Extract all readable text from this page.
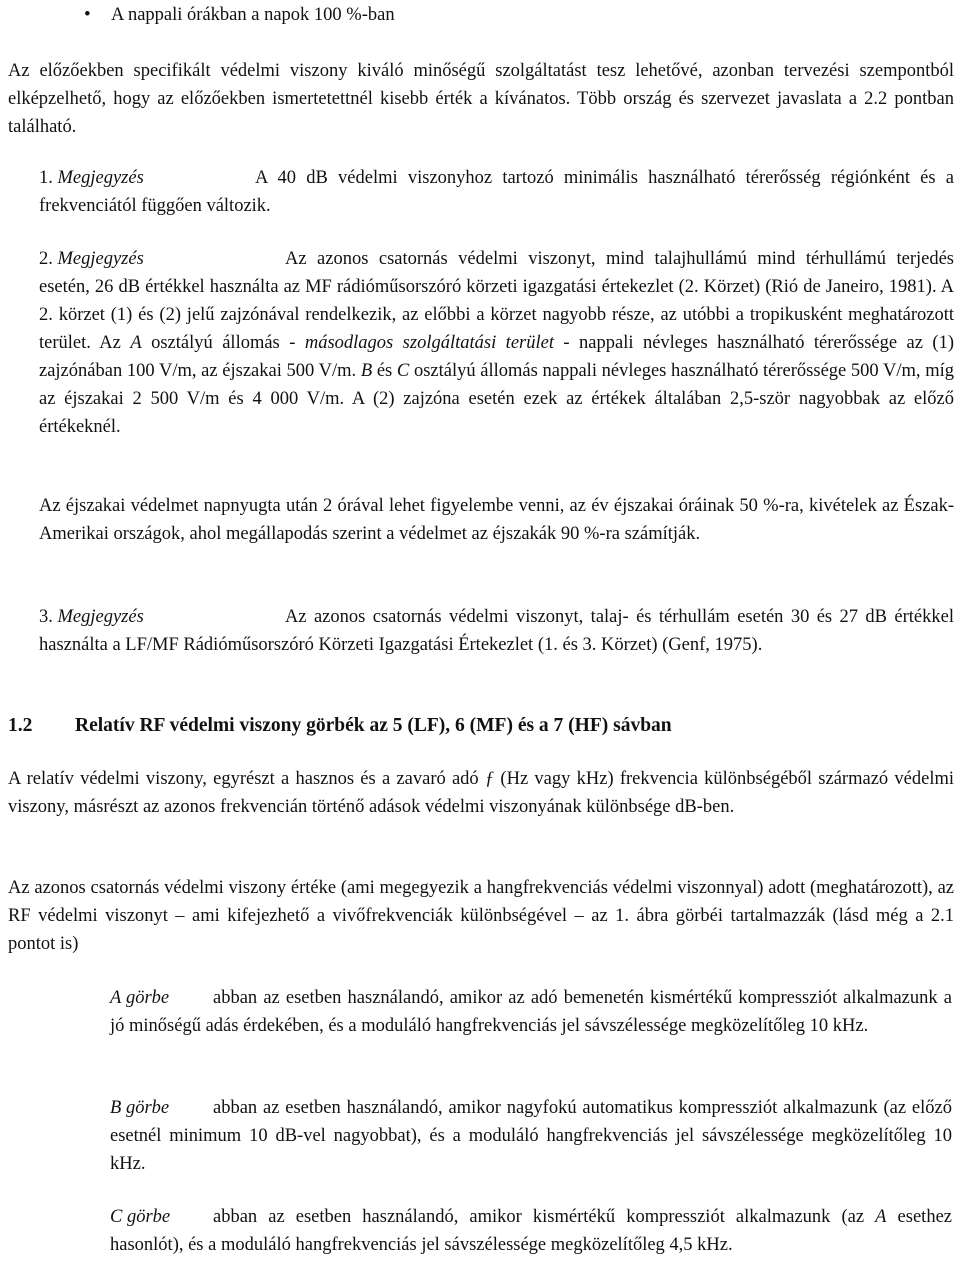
• A nappali órákban a napok 100 %-ban

Az előzőekben specifikált védelmi viszony kiváló minőségű szolgáltatást tesz lehetővé, azonban tervezési szempontból elképzelhető, hogy az előzőekben ismertetettnél kisebb érték a kívánatos. Több ország és szervezet javaslata a 2.2 pontban található.

1. Megjegyzés	A 40 dB védelmi viszonyhoz tartozó minimális használható térerősség régiónként és a frekvenciától függően változik.

2. Megjegyzés	Az azonos csatornás védelmi viszonyt, mind talajhullámú mind térhullámú terjedés esetén, 26 dB értékkel használta az MF rádióműsorszóró körzeti igazgatási értekezlet (2. Körzet) (Rió de Janeiro, 1981). A 2. körzet (1) és (2) jelű zajzónával rendelkezik, az előbbi a körzet nagyobb része, az utóbbi a tropikusként meghatározott terület. Az A osztályú állomás - másodlagos szolgáltatási terület - nappali névleges használható térerőssége az (1) zajzónában 100 V/m, az éjszakai 500 V/m. B és C osztályú állomás nappali névleges használható térerőssége 500 V/m, míg az éjszakai 2 500 V/m és 4 000 V/m. A (2) zajzóna esetén ezek az értékek általában 2,5-ször nagyobbak az előző értékeknél.

Az éjszakai védelmet napnyugta után 2 órával lehet figyelembe venni, az év éjszakai óráinak 50 %-ra, kivételek az Észak-Amerikai országok, ahol megállapodás szerint a védelmet az éjszakák 90 %-ra számítják.

3. Megjegyzés	Az azonos csatornás védelmi viszonyt, talaj- és térhullám esetén 30 és 27 dB értékkel használta a LF/MF Rádióműsorszóró Körzeti Igazgatási Értekezlet (1. és 3. Körzet) (Genf, 1975).

1.2 Relatív RF védelmi viszony görbék az 5 (LF), 6 (MF) és a 7 (HF) sávban

A relatív védelmi viszony, egyrészt a hasznos és a zavaró adó ƒ (Hz vagy kHz) frekvencia különbségéből származó védelmi viszony, másrészt az azonos frekvencián történő adások védelmi viszonyának különbsége dB-ben.

Az azonos csatornás védelmi viszony értéke (ami megegyezik a hangfrekvenciás védelmi viszonnyal) adott (meghatározott), az RF védelmi viszonyt – ami kifejezhető a vivőfrekvenciák különbségével – az 1. ábra görbéi tartalmazzák (lásd még a 2.1 pontot is)

A görbe abban az esetben használandó, amikor az adó bemenetén kismértékű kompressziót alkalmazunk a jó minőségű adás érdekében, és a moduláló hangfrekvenciás jel sávszélessége megközelítőleg 10 kHz.

B görbe abban az esetben használandó, amikor nagyfokú automatikus kompressziót alkalmazunk (az előző esetnél minimum 10 dB-vel nagyobbat), és a moduláló hangfrekvenciás jel sávszélessége megközelítőleg 10 kHz.

C görbe abban az esetben használandó, amikor kismértékű kompressziót alkalmazunk (az A esethez hasonlót), és a moduláló hangfrekvenciás jel sávszélessége megközelítőleg 4,5 kHz.
